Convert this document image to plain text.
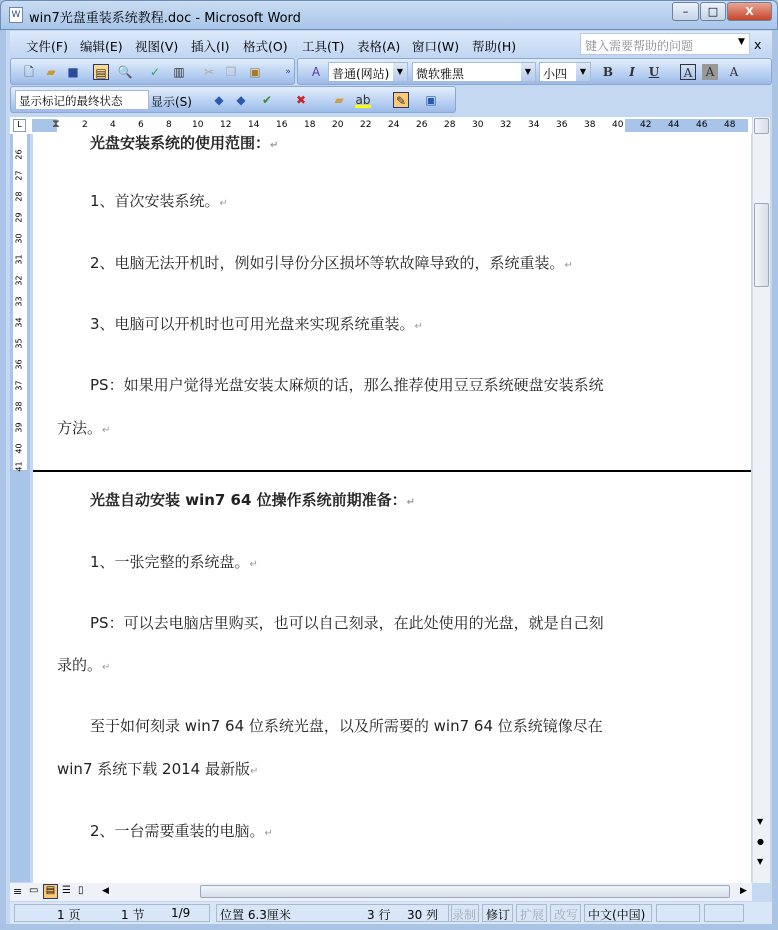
W win7光盘重装系统教程.doc - Microsoft Word	–	□	X
文件(F) 编辑(E) 视图(V) 插入(I) 格式(O) 工具(T) 表格(A) 窗口(W) 帮助(H)	键入需要帮助的问题	▼ x
🗋 ▰ ■ ▤ 🔍 ✓ ▥ ✂ ❐ ▣	»	A 普通(网站) ▼	微软雅黑	▼ 小四	▼	B	I	U	A	A	A
显示标记的最终状态	显示(S) ◆ ◆ ✔ ✖ ▰ ab ✎ ▣
L	⧗ 2 4 6 8 10 12 14 16 18 20 22 24 26 28 30 32 34 36 38 40 42 44 46 48
26
27
28
29
30
31
32
33
34
35
36
37
38
39
40
41
光盘安装系统的使用范围：↵
1、首次安装系统。↵
2、电脑无法开机时，例如引导份分区损坏等软故障导致的，系统重装。↵
3、电脑可以开机时也可用光盘来实现系统重装。↵
PS：如果用户觉得光盘安装太麻烦的话，那么推荐使用豆豆系统硬盘安装系统
方法。↵
光盘自动安装 win7 64 位操作系统前期准备：↵
1、一张完整的系统盘。↵
PS：可以去电脑店里购买，也可以自己刻录，在此处使用的光盘，就是自己刻
录的。↵
至于如何刻录 win7 64 位系统光盘，以及所需要的 win7 64 位系统镜像尽在
win7 系统下载 2014 最新版↵
2、一台需要重装的电脑。↵
▼
●
▼
≡ ▭ ▤ ☰ ▯ ◀	▶
1 页	1 节 1/9	位置 6.3厘米	3 行 30 列	录制 修订 扩展 改写 中文(中国)
